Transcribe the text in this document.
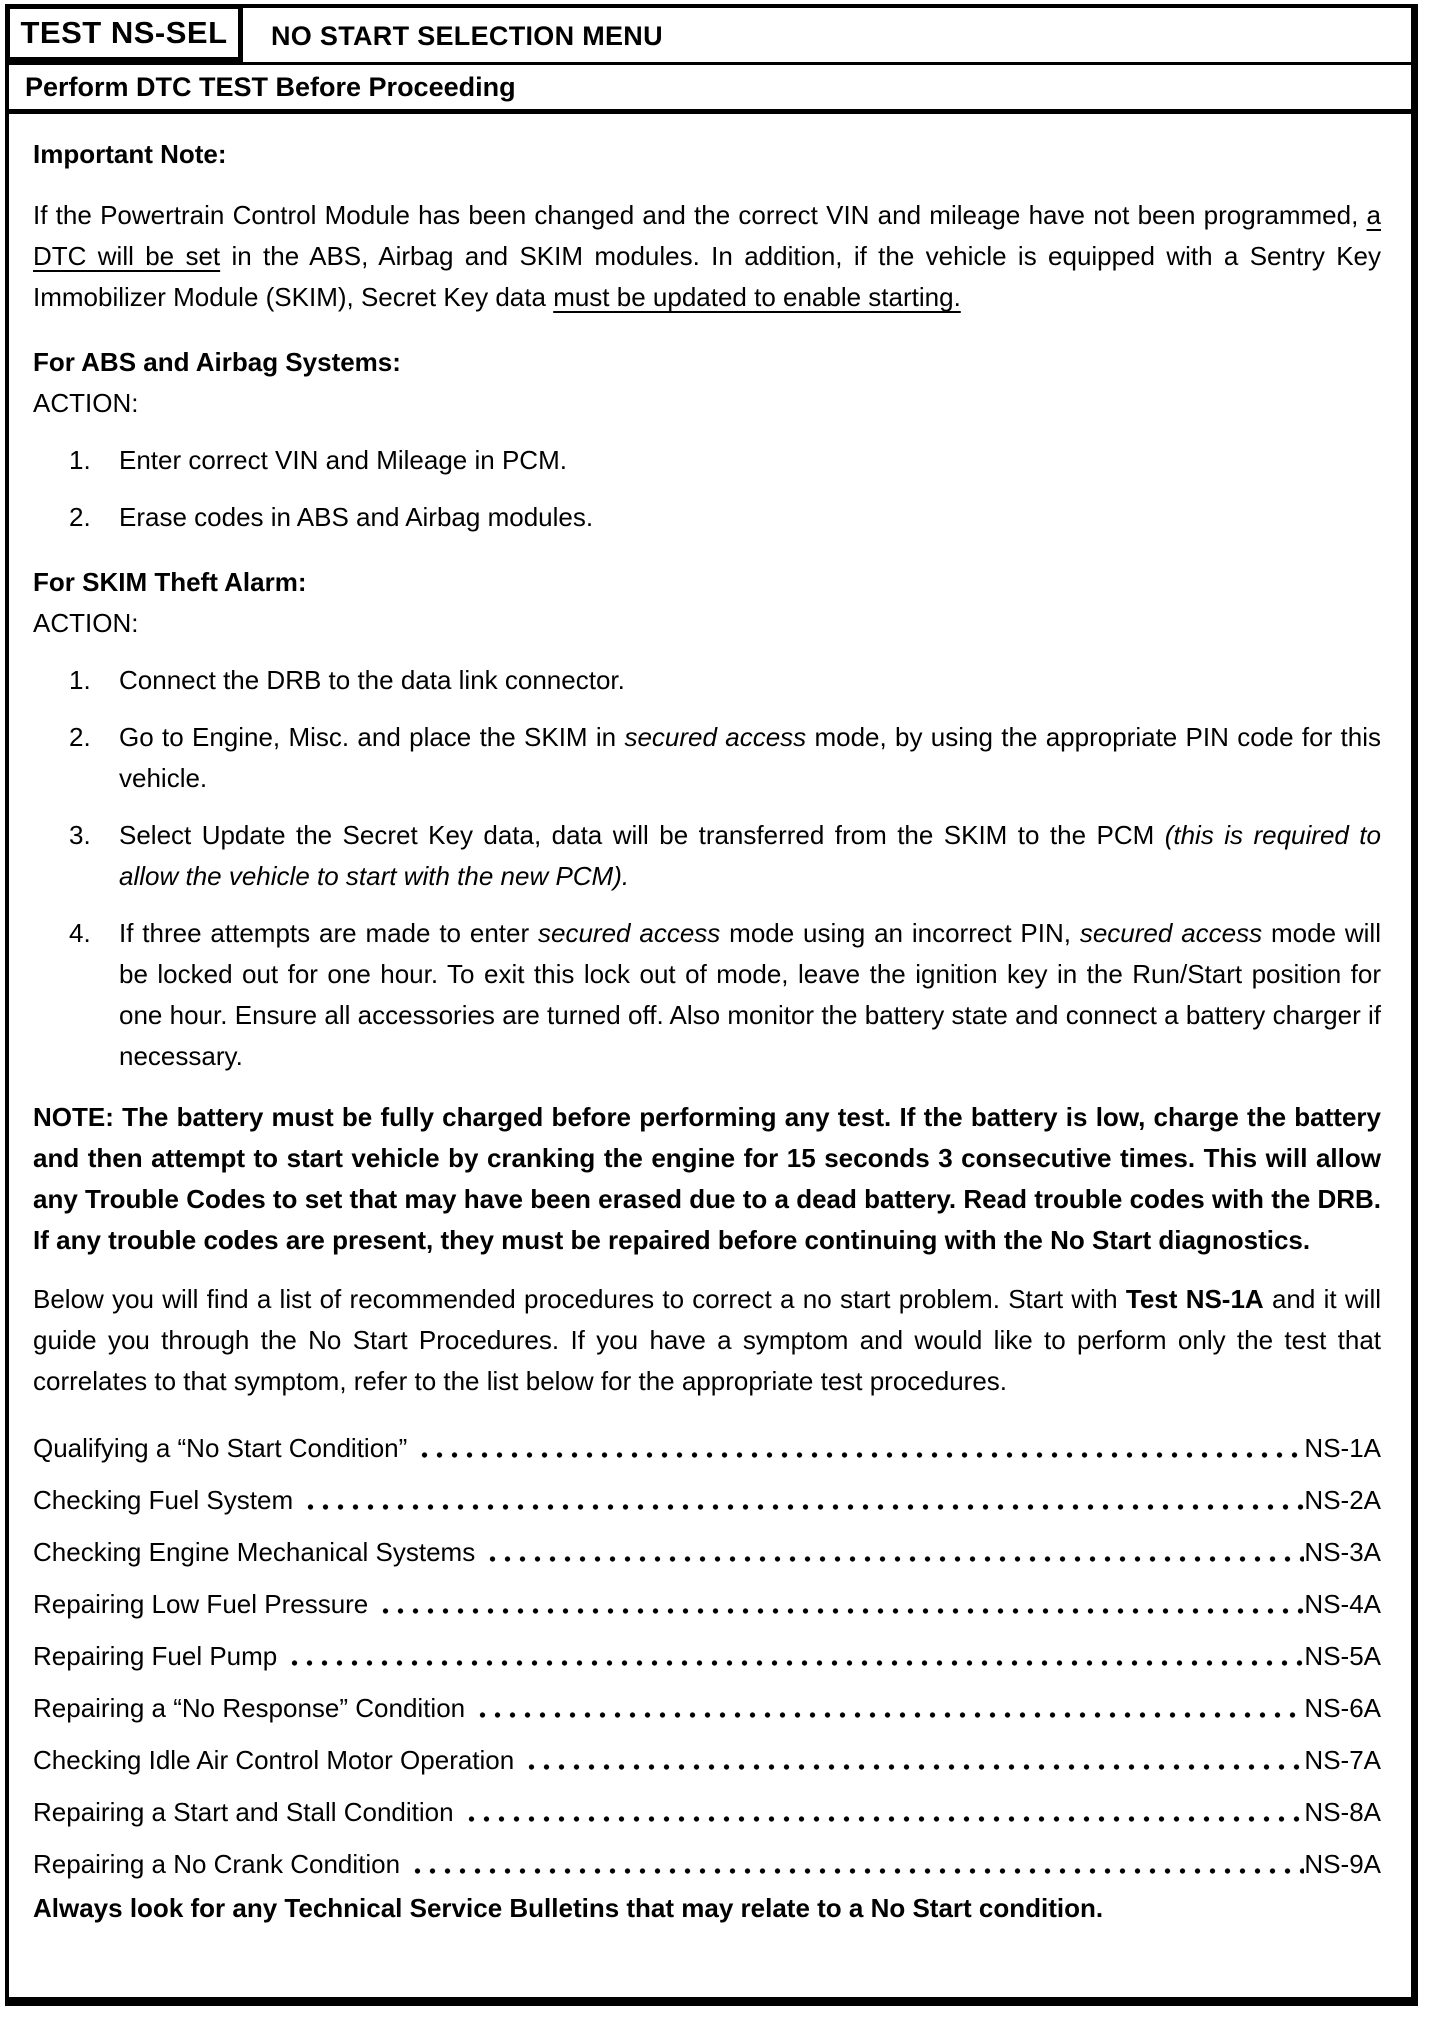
TEST NS-SEL NO START SELECTION MENU
Perform DTC TEST Before Proceeding
Important Note:
If the Powertrain Control Module has been changed and the correct VIN and mileage have not been programmed, a DTC will be set in the ABS, Airbag and SKIM modules. In addition, if the vehicle is equipped with a Sentry Key Immobilizer Module (SKIM), Secret Key data must be updated to enable starting.
For ABS and Airbag Systems:
ACTION:
1.	Enter correct VIN and Mileage in PCM.
2.	Erase codes in ABS and Airbag modules.
For SKIM Theft Alarm:
ACTION:
1.	Connect the DRB to the data link connector.
2.	Go to Engine, Misc. and place the SKIM in secured access mode, by using the appropriate PIN code for this vehicle.
3.	Select Update the Secret Key data, data will be transferred from the SKIM to the PCM (this is required to allow the vehicle to start with the new PCM).
4.	If three attempts are made to enter secured access mode using an incorrect PIN, secured access mode will be locked out for one hour. To exit this lock out of mode, leave the ignition key in the Run/Start position for one hour. Ensure all accessories are turned off. Also monitor the battery state and connect a battery charger if necessary.
NOTE: The battery must be fully charged before performing any test. If the battery is low, charge the battery and then attempt to start vehicle by cranking the engine for 15 seconds 3 consecutive times. This will allow any Trouble Codes to set that may have been erased due to a dead battery. Read trouble codes with the DRB. If any trouble codes are present, they must be repaired before continuing with the No Start diagnostics.
Below you will find a list of recommended procedures to correct a no start problem. Start with Test NS-1A and it will guide you through the No Start Procedures. If you have a symptom and would like to perform only the test that correlates to that symptom, refer to the list below for the appropriate test procedures.
Qualifying a “No Start Condition”	NS-1A
Checking Fuel System	NS-2A
Checking Engine Mechanical Systems	NS-3A
Repairing Low Fuel Pressure	NS-4A
Repairing Fuel Pump	NS-5A
Repairing a “No Response” Condition	NS-6A
Checking Idle Air Control Motor Operation	NS-7A
Repairing a Start and Stall Condition	NS-8A
Repairing a No Crank Condition	NS-9A
Always look for any Technical Service Bulletins that may relate to a No Start condition.
